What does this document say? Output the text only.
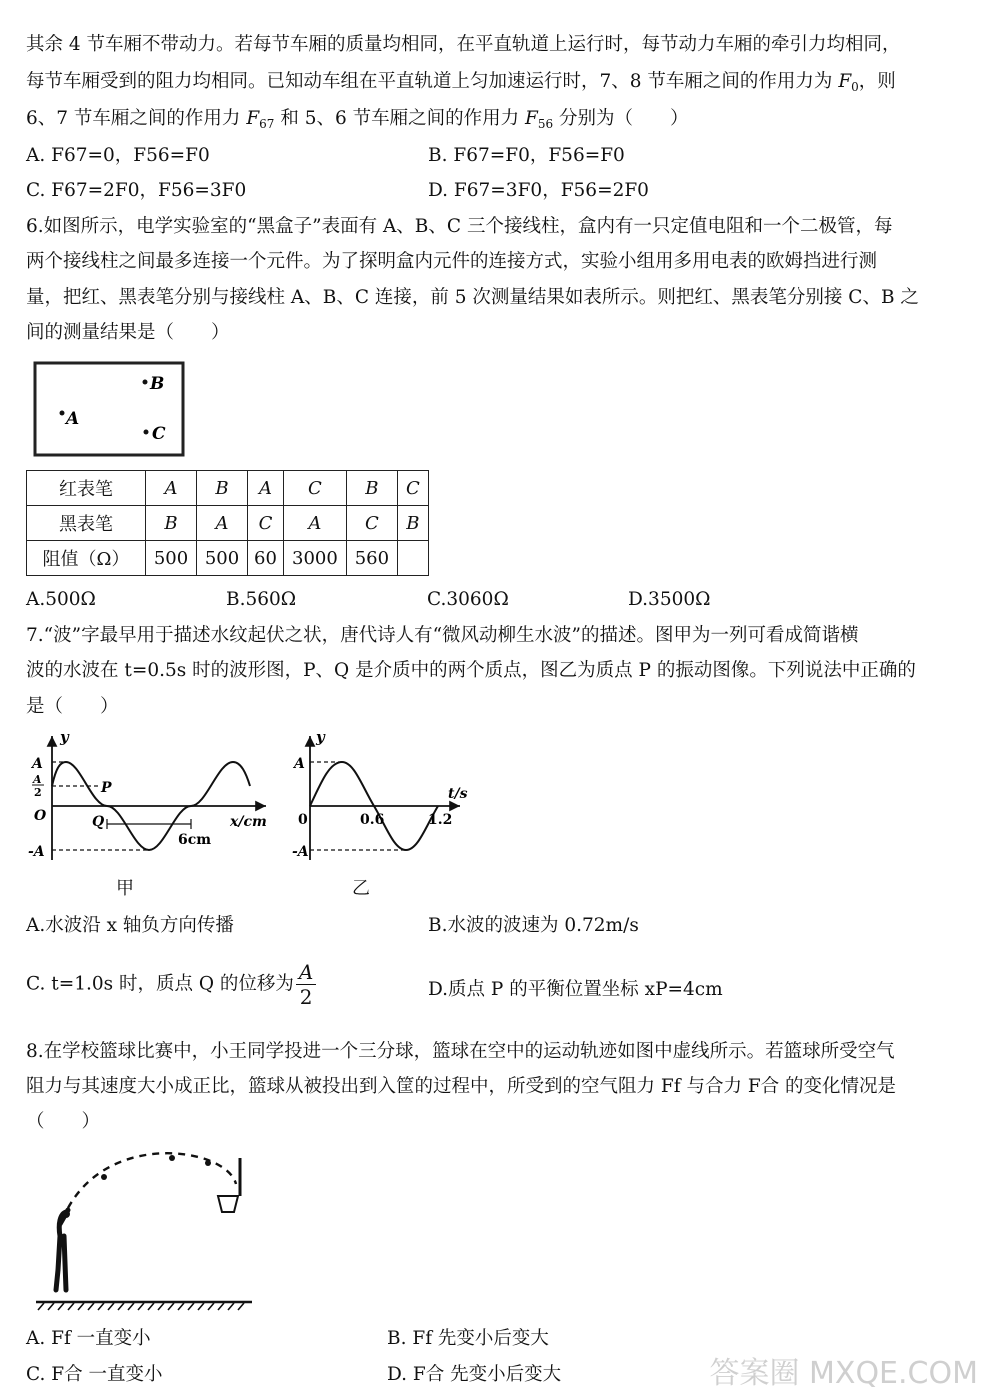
其余 4 节车厢不带动力。若每节车厢的质量均相同，在平直轨道上运行时，每节动力车厢的牵引力均相同，
每节车厢受到的阻力均相同。已知动车组在平直轨道上匀加速运行时，7、8 节车厢之间的作用力为 $F_0$，则
6、7 节车厢之间的作用力 $F_{67}$ 和 5、6 节车厢之间的作用力 $F_{56}$ 分别为（　　）
A. F67=0，F56=F0	B. F67=F0，F56=F0
C. F67=2F0，F56=3F0	D. F67=3F0，F56=2F0
6.如图所示，电学实验室的“黑盒子”表面有 A、B、C 三个接线柱，盒内有一只定值电阻和一个二极管，每
两个接线柱之间最多连接一个元件。为了探明盒内元件的连接方式，实验小组用多用电表的欧姆挡进行测
量，把红、黑表笔分别与接线柱 A、B、C 连接，前 5 次测量结果如表所示。则把红、黑表笔分别接 C、B 之
间的测量结果是（　　）
A
B
C
红表笔	A	B	A	C	B	C
黑表笔	B	A	C	A	C	B
阻值（Ω）	500	500	60	3000	560	
A.500Ω	B.560Ω	C.3060Ω	D.3500Ω
7.“波”字最早用于描述水纹起伏之状，唐代诗人有“微风动柳生水波”的描述。图甲为一列可看成简谐横
波的水波在 t=0.5s 时的波形图，P、Q 是介质中的两个质点，图乙为质点 P 的振动图像。下列说法中正确的
是（　　）
y
x/cm
A
A
2
O
-A
P
Q
6cm
y
t/s
A
0
-A
0.6	1.2
甲	乙
A.水波沿 x 轴负方向传播	B.水波的波速为 0.72m/s
C. t=1.0s 时，质点 Q 的位移为 $\frac{A}{2}$	D.质点 P 的平衡位置坐标 xP=4cm
8.在学校篮球比赛中，小王同学投进一个三分球，篮球在空中的运动轨迹如图中虚线所示。若篮球所受空气
阻力与其速度大小成正比，篮球从被投出到入筐的过程中，所受到的空气阻力 Ff 与合力 F合 的变化情况是
（　　）
A. Ff 一直变小	B. Ff 先变小后变大
C. F合 一直变小	D. F合 先变小后变大	答案圈 MXQE.COM
